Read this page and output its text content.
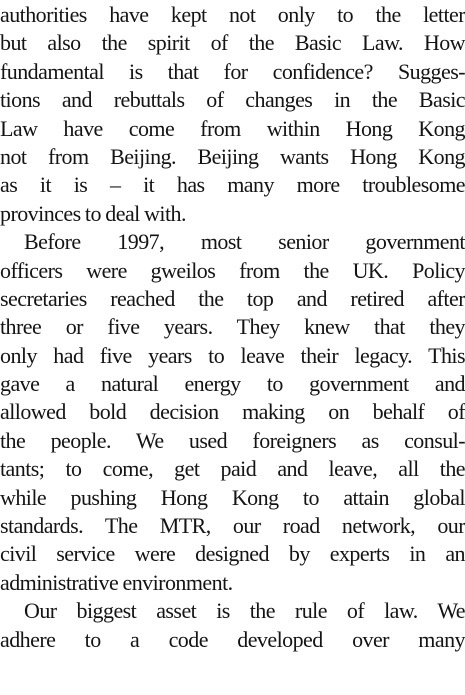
authorities have kept not only to the letter
but also the spirit of the Basic Law. How
fundamental is that for confidence? Sugges-
tions and rebuttals of changes in the Basic
Law have come from within Hong Kong
not from Beijing. Beijing wants Hong Kong
as it is – it has many more troublesome
provinces to deal with.
Before 1997, most senior government
officers were gweilos from the UK. Policy
secretaries reached the top and retired after
three or five years. They knew that they
only had five years to leave their legacy. This
gave a natural energy to government and
allowed bold decision making on behalf of
the people. We used foreigners as consul-
tants; to come, get paid and leave, all the
while pushing Hong Kong to attain global
standards. The MTR, our road network, our
civil service were designed by experts in an
administrative environment.
Our biggest asset is the rule of law. We
adhere to a code developed over many
